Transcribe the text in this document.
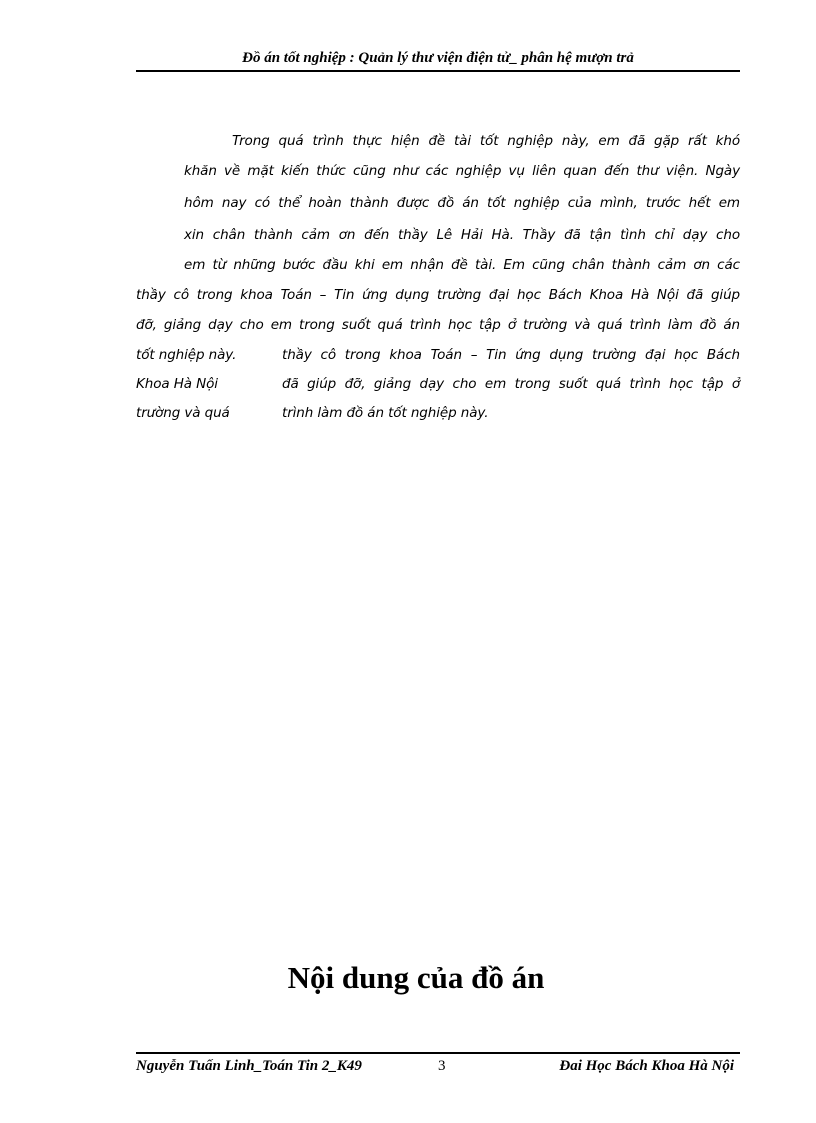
Đồ án tốt nghiệp : Quản lý thư viện điện tử_ phân hệ mượn trả
Trong quá trình thực hiện đề tài tốt nghiệp này, em đã gặp rất khó
khăn về mặt kiến thức cũng như các nghiệp vụ liên quan đến thư viện. Ngày
hôm nay có thể hoàn thành được đồ án tốt nghiệp của mình, trước hết em
xin chân thành cảm ơn đến thầy Lê Hải Hà. Thầy đã tận tình chỉ dạy cho
em từ những bước đầu khi em nhận đề tài. Em cũng chân thành cảm ơn các
thầy cô trong khoa Toán – Tin ứng dụng trường đại học Bách Khoa Hà Nội đã giúp
đỡ, giảng dạy cho em trong suốt quá trình học tập ở trường và quá trình làm đồ án
tốt nghiệp này.	thầy cô trong khoa Toán – Tin ứng dụng trường đại học Bách
Khoa Hà Nội	đã giúp đỡ, giảng dạy cho em trong suốt quá trình học tập ở
trường và quá	trình làm đồ án tốt nghiệp này.
Nội dung của đồ án
Nguyễn Tuấn Linh_Toán Tin 2_K49	3	Đai Học Bách Khoa Hà Nội
